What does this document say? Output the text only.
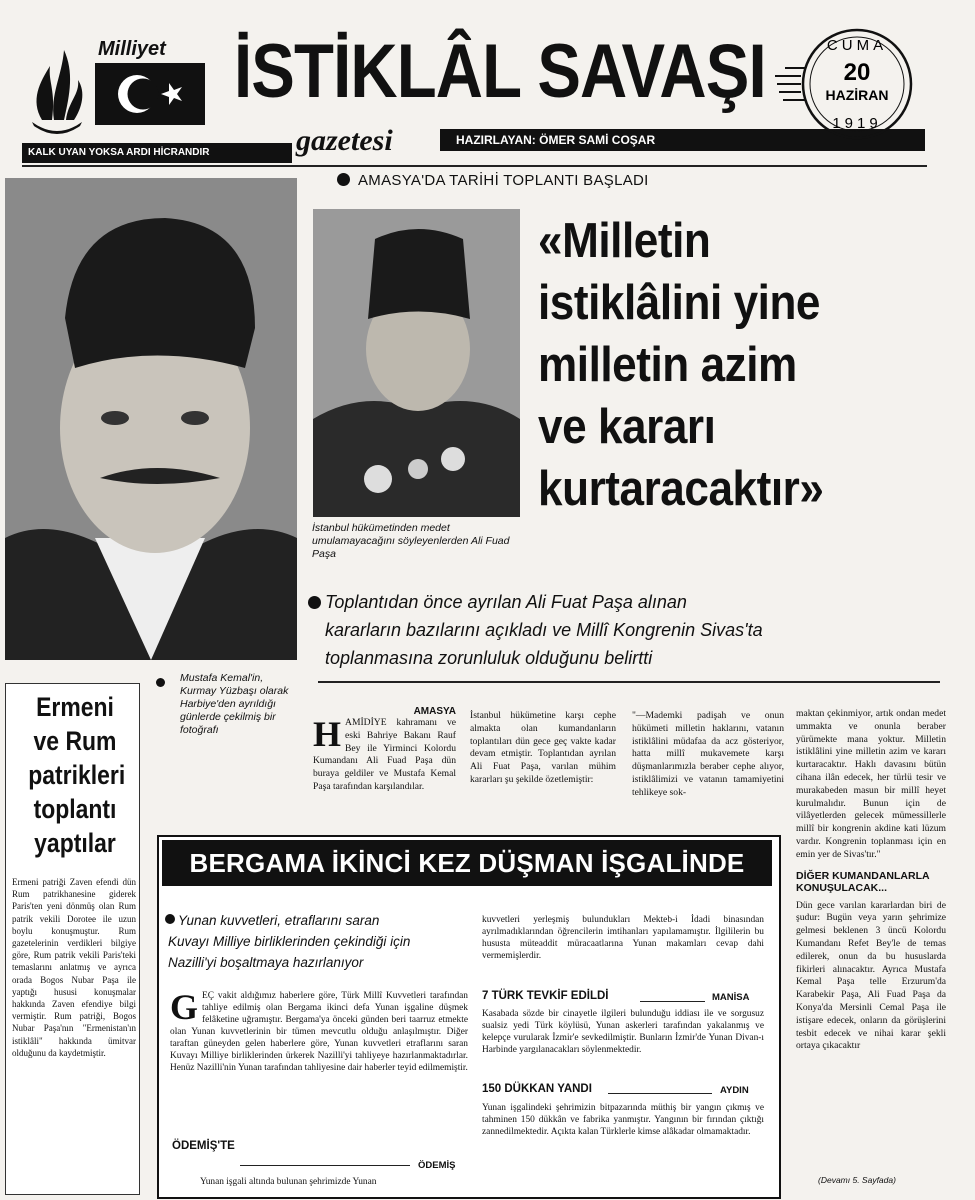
Milliyet İSTİKLÂL SAVAŞI
gazetesi
KALK UYAN YOKSA ARDI HİCRANDIR
HAZIRLAYAN: ÖMER SAMİ COŞAR
CUMA
20
HAZİRAN
1919
Mustafa Kemal'in, Kurmay Yüzbaşı olarak Harbiye'den ayrıldığı günlerde çekilmiş bir fotoğrafı
İstanbul hükümetinden medet umulamayacağını söyleyenlerden Ali Fuad Paşa
AMASYA'DA TARİHİ TOPLANTI BAŞLADI
«Milletin
istiklâlini yine
milletin azim
ve kararı
kurtaracaktır»
Toplantıdan önce ayrılan Ali Fuat Paşa alınan
kararların bazılarını açıkladı ve Millî Kongrenin Sivas'ta
toplanmasına zorunluluk olduğunu belirtti
Ermeni
ve Rum
patrikleri
toplantı
yaptılar
Ermeni patriği Zaven efendi dün Rum patrikhanesine giderek Paris'ten yeni dönmüş olan Rum patrik vekili Dorotee ile uzun boylu konuşmuştur. Rum gazetelerinin verdikleri bilgiye göre, Rum patrik vekili Paris'teki temaslarını anlatmış ve ayrıca orada Bogos Nubar Paşa ile yaptığı hususi konuşmalar hakkında Zaven efendiye bilgi vermiştir. Rum patriği, Bogos Nubar Paşa'nın "Ermenistan'ın istiklâli" hakkında ümitvar olduğunu da kaydetmiştir.
AMASYA
H AMİDİYE kahramanı ve eski Bahriye Bakanı Rauf Bey ile Yirminci Kolordu Kumandanı Ali Fuad Paşa dün buraya geldiler ve Mustafa Kemal Paşa tarafından karşılandılar.
İstanbul hükümetine karşı cephe almakta olan kumandanların toplantıları dün gece geç vakte kadar devam etmiştir. Toplantıdan ayrılan Ali Fuat Paşa, varılan mühim kararları şu şekilde özetlemiştir:
"—Mademki padişah ve onun hükümeti milletin haklarını, vatanın istiklâlini müdafaa da acz gösteriyor, hatta millî mukavemete karşı düşmanlarımızla beraber cephe alıyor, istiklâlimizi ve vatanın tamamiyetini tehlikeye sok-
maktan çekinmiyor, artık ondan medet ummakta ve onunla beraber yürümekte mana yoktur. Milletin istiklâlini yine milletin azim ve kararı kurtaracaktır. Haklı davasını bütün cihana ilân edecek, her türlü tesir ve murakabeden masun bir millî heyet kurulmalıdır. Bunun için de vilâyetlerden gelecek mümessillerle millî bir kongrenin akdine kati lüzum vardır. Kongrenin toplanması için en emin yer de Sivas'tır."
DİĞER KUMANDANLARLA KONUŞULACAK...
Dün gece varılan kararlardan biri de şudur: Bugün veya yarın şehrimize gelmesi beklenen 3 üncü Kolordu Kumandanı Refet Bey'le de temas edilerek, onun da bu hususlarda fikirleri alınacaktır. Ayrıca Mustafa Kemal Paşa telle Erzurum'da Karabekir Paşa, Ali Fuad Paşa da Konya'da Mersinli Cemal Paşa ile istişare edecek, onların da görüşlerini tesbit edecek ve nihai karar şekli ortaya çıkacaktır
(Devamı 5. Sayfada)
BERGAMA İKİNCİ KEZ DÜŞMAN İŞGALİNDE
Yunan kuvvetleri, etraflarını saran
Kuvayı Milliye birliklerinden çekindiği için
Nazilli'yi boşaltmaya hazırlanıyor
GEÇ vakit aldığımız haberlere göre, Türk Millî Kuvvetleri tarafından tahliye edilmiş olan Bergama ikinci defa Yunan işgaline düşmek felâketine uğramıştır. Bergama'ya önceki günden beri taarruz etmekte olan Yunan kuvvetlerinin bir tümen mevcutlu olduğu anlaşılmıştır. Diğer taraftan güneyden gelen haberlere göre, Yunan kuvvetleri etraflarını saran Kuvayı Milliye birliklerinden ürkerek Nazilli'yi tahliyeye hazırlanmaktadırlar. Henüz Nazilli'nin Yunan tarafından tahliyesine dair haberler teyid edilmemiştir.
ÖDEMİŞ'TE
ÖDEMİŞ
Yunan işgali altında bulunan şehrimizde Yunan
kuvvetleri yerleşmiş bulundukları Mekteb-i İdadi binasından ayrılmadıklarından öğrencilerin imtihanları yapılamamıştır. İlgililerin bu hususta müteaddit müracaatlarına Yunan makamları cevap dahi vermemişlerdir.
7 TÜRK TEVKİF EDİLDİ	MANİSA
Kasabada sözde bir cinayetle ilgileri bulunduğu iddiası ile ve sorgusuz sualsiz yedi Türk köylüsü, Yunan askerleri tarafından yakalanmış ve kelepçe vurularak İzmir'e sevkedilmiştir. Bunların İzmir'de Yunan Divan-ı Harbinde yargılanacakları söylenmektedir.
150 DÜKKAN YANDI	AYDIN
Yunan işgalindeki şehrimizin bitpazarında müthiş bir yangın çıkmış ve tahminen 150 dükkân ve fabrika yanmıştır. Yangının bir fırından çıktığı zannedilmektedir. Açıkta kalan Türklerle kimse alâkadar olmamaktadır.
